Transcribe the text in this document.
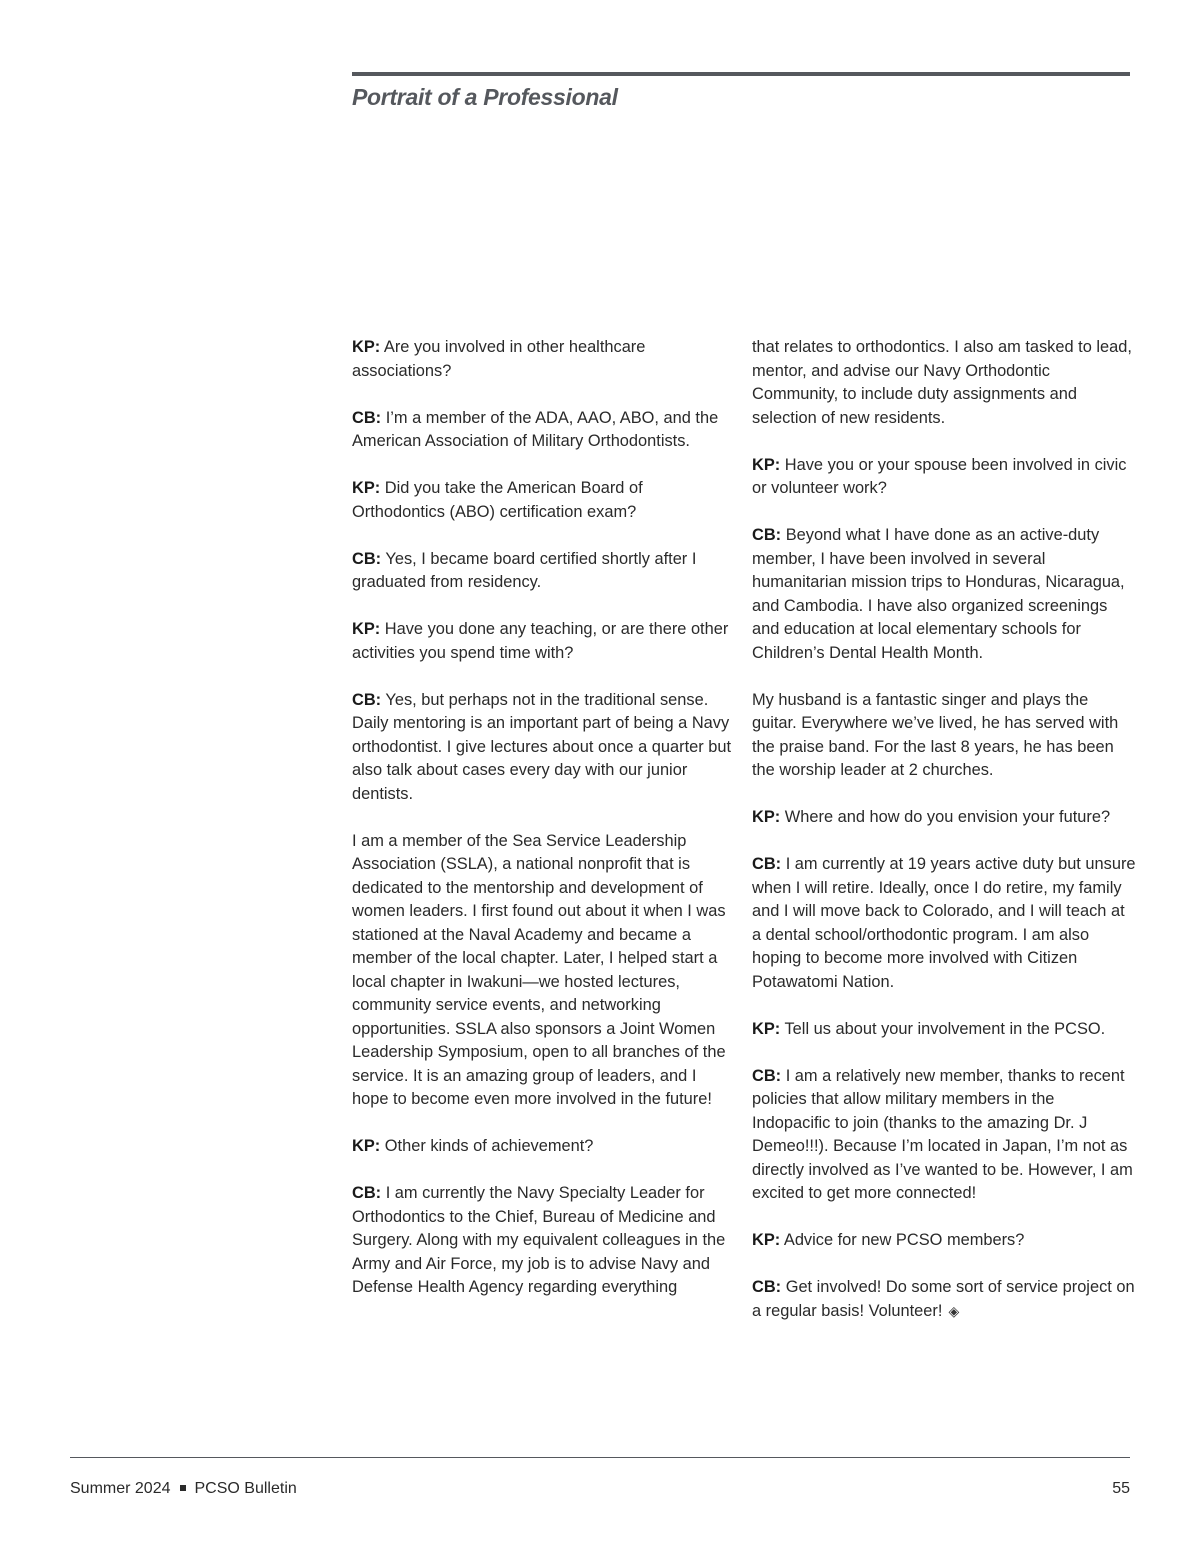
Portrait of a Professional

KP: Are you involved in other healthcare associations?

CB: I’m a member of the ADA, AAO, ABO, and the American Association of Military Orthodontists.

KP: Did you take the American Board of Orthodontics (ABO) certification exam?

CB: Yes, I became board certified shortly after I graduated from residency.

KP: Have you done any teaching, or are there other activities you spend time with?

CB: Yes, but perhaps not in the traditional sense. Daily mentoring is an important part of being a Navy orthodontist. I give lectures about once a quarter but also talk about cases every day with our junior dentists.

I am a member of the Sea Service Leadership Association (SSLA), a national nonprofit that is dedicated to the mentorship and development of women leaders. I first found out about it when I was stationed at the Naval Academy and became a member of the local chapter. Later, I helped start a local chapter in Iwakuni—we hosted lectures, community service events, and networking opportunities. SSLA also sponsors a Joint Women Leadership Symposium, open to all branches of the service. It is an amazing group of leaders, and I hope to become even more involved in the future!

KP: Other kinds of achievement?

CB: I am currently the Navy Specialty Leader for Orthodontics to the Chief, Bureau of Medicine and Surgery. Along with my equivalent colleagues in the Army and Air Force, my job is to advise Navy and Defense Health Agency regarding everything

that relates to orthodontics. I also am tasked to lead, mentor, and advise our Navy Orthodontic Community, to include duty assignments and selection of new residents.

KP: Have you or your spouse been involved in civic or volunteer work?

CB: Beyond what I have done as an active-duty member, I have been involved in several humanitarian mission trips to Honduras, Nicaragua, and Cambodia. I have also organized screenings and education at local elementary schools for Children’s Dental Health Month.

My husband is a fantastic singer and plays the guitar. Everywhere we’ve lived, he has served with the praise band. For the last 8 years, he has been the worship leader at 2 churches.

KP: Where and how do you envision your future?

CB: I am currently at 19 years active duty but unsure when I will retire. Ideally, once I do retire, my family and I will move back to Colorado, and I will teach at a dental school/orthodontic program. I am also hoping to become more involved with Citizen Potawatomi Nation.

KP: Tell us about your involvement in the PCSO.

CB: I am a relatively new member, thanks to recent policies that allow military members in the Indopacific to join (thanks to the amazing Dr. J Demeo!!!). Because I’m located in Japan, I’m not as directly involved as I’ve wanted to be. However, I am excited to get more connected!

KP: Advice for new PCSO members?

CB: Get involved! Do some sort of service project on a regular basis! Volunteer! ◈

Summer 2024 PCSO Bulletin	55
